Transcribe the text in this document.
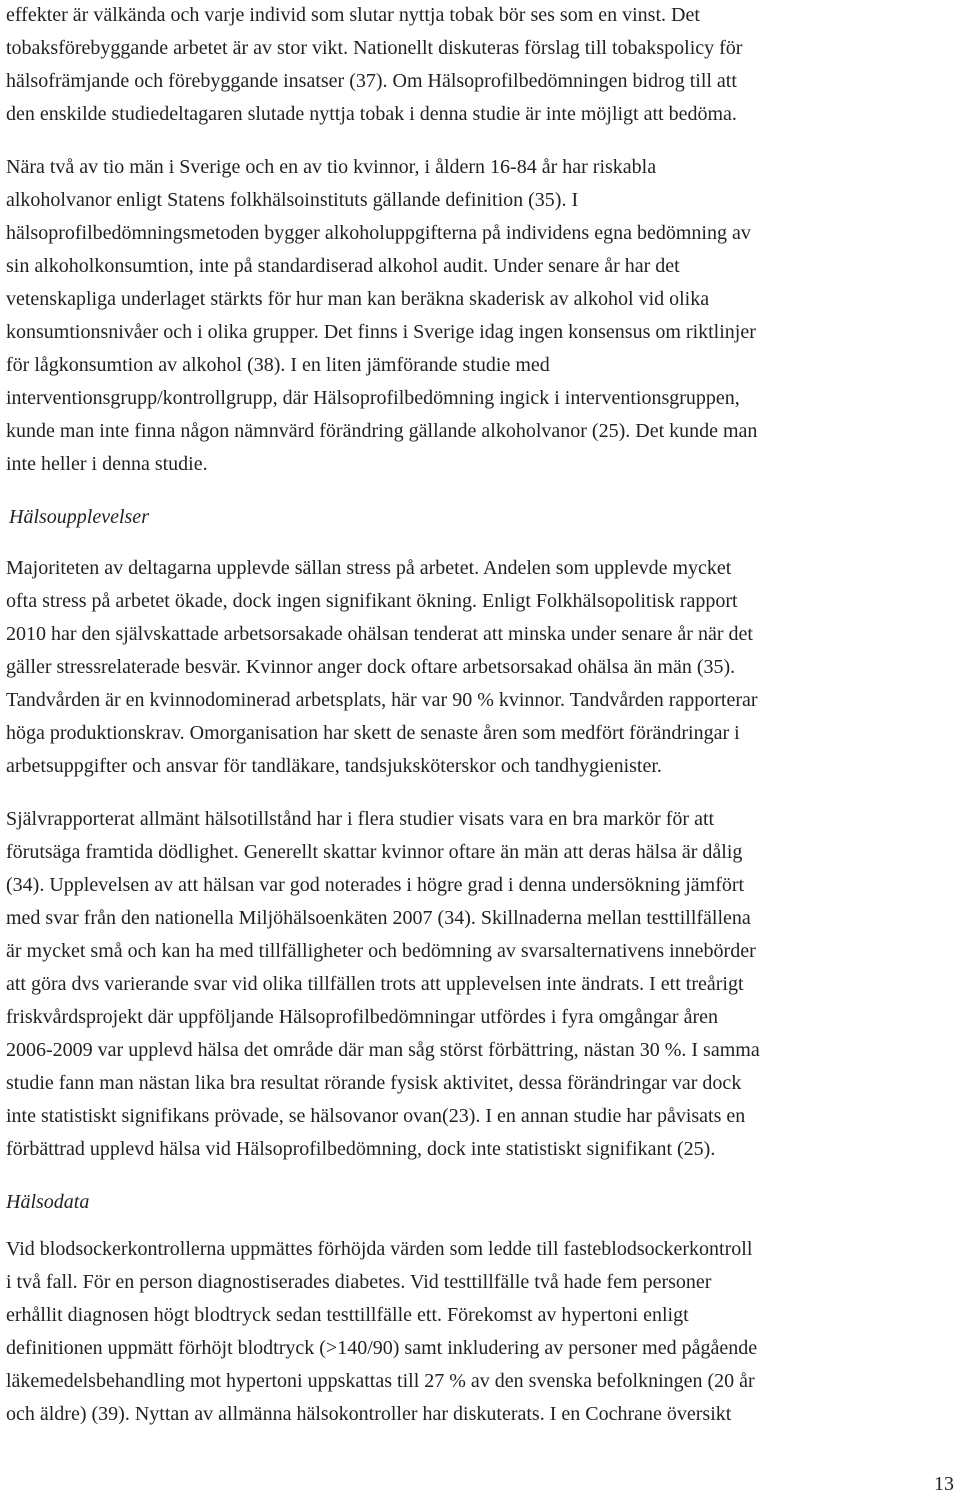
effekter är välkända och varje individ som slutar nyttja tobak bör ses som en vinst. Det
tobaksförebyggande arbetet är av stor vikt. Nationellt diskuteras förslag till tobakspolicy för
hälsofrämjande och förebyggande insatser (37). Om Hälsoprofilbedömningen bidrog till att
den enskilde studiedeltagaren slutade nyttja tobak i denna studie är inte möjligt att bedöma.

Nära två av tio män i Sverige och en av tio kvinnor, i åldern 16-84 år har riskabla
alkoholvanor enligt Statens folkhälsoinstituts gällande definition (35). I
hälsoprofilbedömningsmetoden bygger alkoholuppgifterna på individens egna bedömning av
sin alkoholkonsumtion, inte på standardiserad alkohol audit. Under senare år har det
vetenskapliga underlaget stärkts för hur man kan beräkna skaderisk av alkohol vid olika
konsumtionsnivåer och i olika grupper. Det finns i Sverige idag ingen konsensus om riktlinjer
för lågkonsumtion av alkohol (38). I en liten jämförande studie med
interventionsgrupp/kontrollgrupp, där Hälsoprofilbedömning ingick i interventionsgruppen,
kunde man inte finna någon nämnvärd förändring gällande alkoholvanor (25). Det kunde man
inte heller i denna studie.

Hälsoupplevelser

Majoriteten av deltagarna upplevde sällan stress på arbetet. Andelen som upplevde mycket
ofta stress på arbetet ökade, dock ingen signifikant ökning. Enligt Folkhälsopolitisk rapport
2010 har den självskattade arbetsorsakade ohälsan tenderat att minska under senare år när det
gäller stressrelaterade besvär. Kvinnor anger dock oftare arbetsorsakad ohälsa än män (35).
Tandvården är en kvinnodominerad arbetsplats, här var 90 % kvinnor. Tandvården rapporterar
höga produktionskrav. Omorganisation har skett de senaste åren som medfört förändringar i
arbetsuppgifter och ansvar för tandläkare, tandsjuksköterskor och tandhygienister.

Självrapporterat allmänt hälsotillstånd har i flera studier visats vara en bra markör för att
förutsäga framtida dödlighet. Generellt skattar kvinnor oftare än män att deras hälsa är dålig
(34). Upplevelsen av att hälsan var god noterades i högre grad i denna undersökning jämfört
med svar från den nationella Miljöhälsoenkäten 2007 (34). Skillnaderna mellan testtillfällena
är mycket små och kan ha med tillfälligheter och bedömning av svarsalternativens innebörder
att göra dvs varierande svar vid olika tillfällen trots att upplevelsen inte ändrats. I ett treårigt
friskvårdsprojekt där uppföljande Hälsoprofilbedömningar utfördes i fyra omgångar åren
2006-2009 var upplevd hälsa det område där man såg störst förbättring, nästan 30 %. I samma
studie fann man nästan lika bra resultat rörande fysisk aktivitet, dessa förändringar var dock
inte statistiskt signifikans prövade, se hälsovanor ovan(23). I en annan studie har påvisats en
förbättrad upplevd hälsa vid Hälsoprofilbedömning, dock inte statistiskt signifikant (25).

Hälsodata

Vid blodsockerkontrollerna uppmättes förhöjda värden som ledde till fasteblodsockerkontroll
i två fall. För en person diagnostiserades diabetes. Vid testtillfälle två hade fem personer
erhållit diagnosen högt blodtryck sedan testtillfälle ett. Förekomst av hypertoni enligt
definitionen uppmätt förhöjt blodtryck (>140/90) samt inkludering av personer med pågående
läkemedelsbehandling mot hypertoni uppskattas till 27 % av den svenska befolkningen (20 år
och äldre) (39). Nyttan av allmänna hälsokontroller har diskuterats. I en Cochrane översikt

13
